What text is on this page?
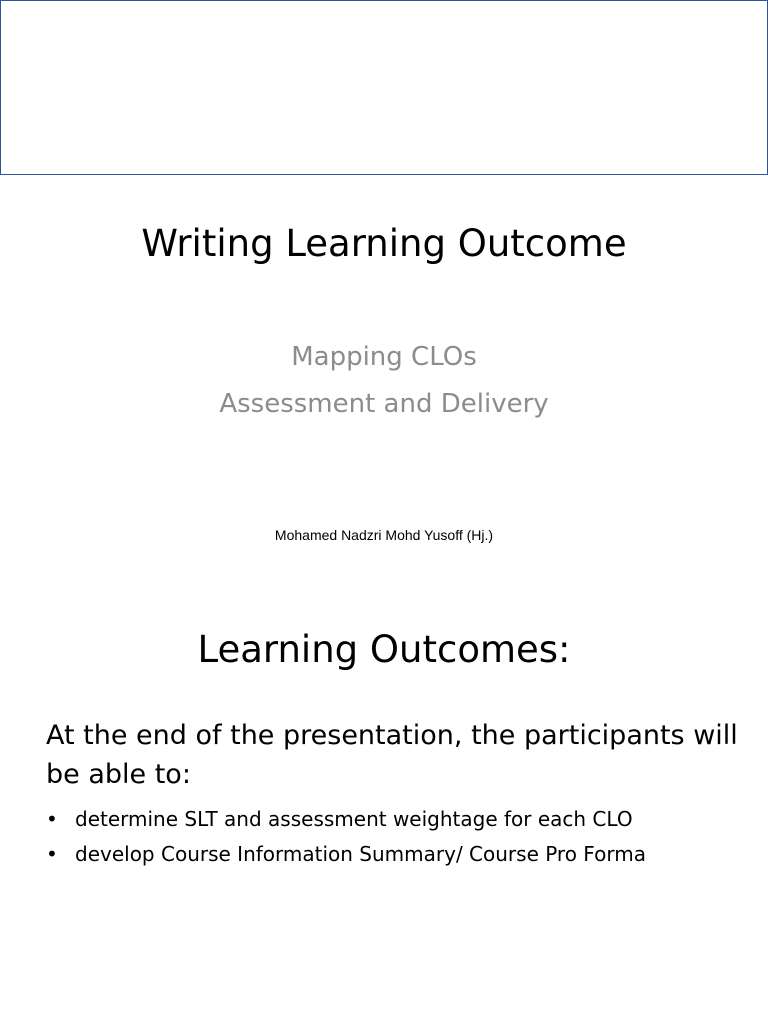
Writing Learning Outcome
Mapping CLOs
Assessment and Delivery
Mohamed Nadzri Mohd Yusoff (Hj.)
Learning Outcomes:
At the end of the presentation, the participants will be able to:
• determine SLT and assessment weightage for each CLO
• develop Course Information Summary/ Course Pro Forma
